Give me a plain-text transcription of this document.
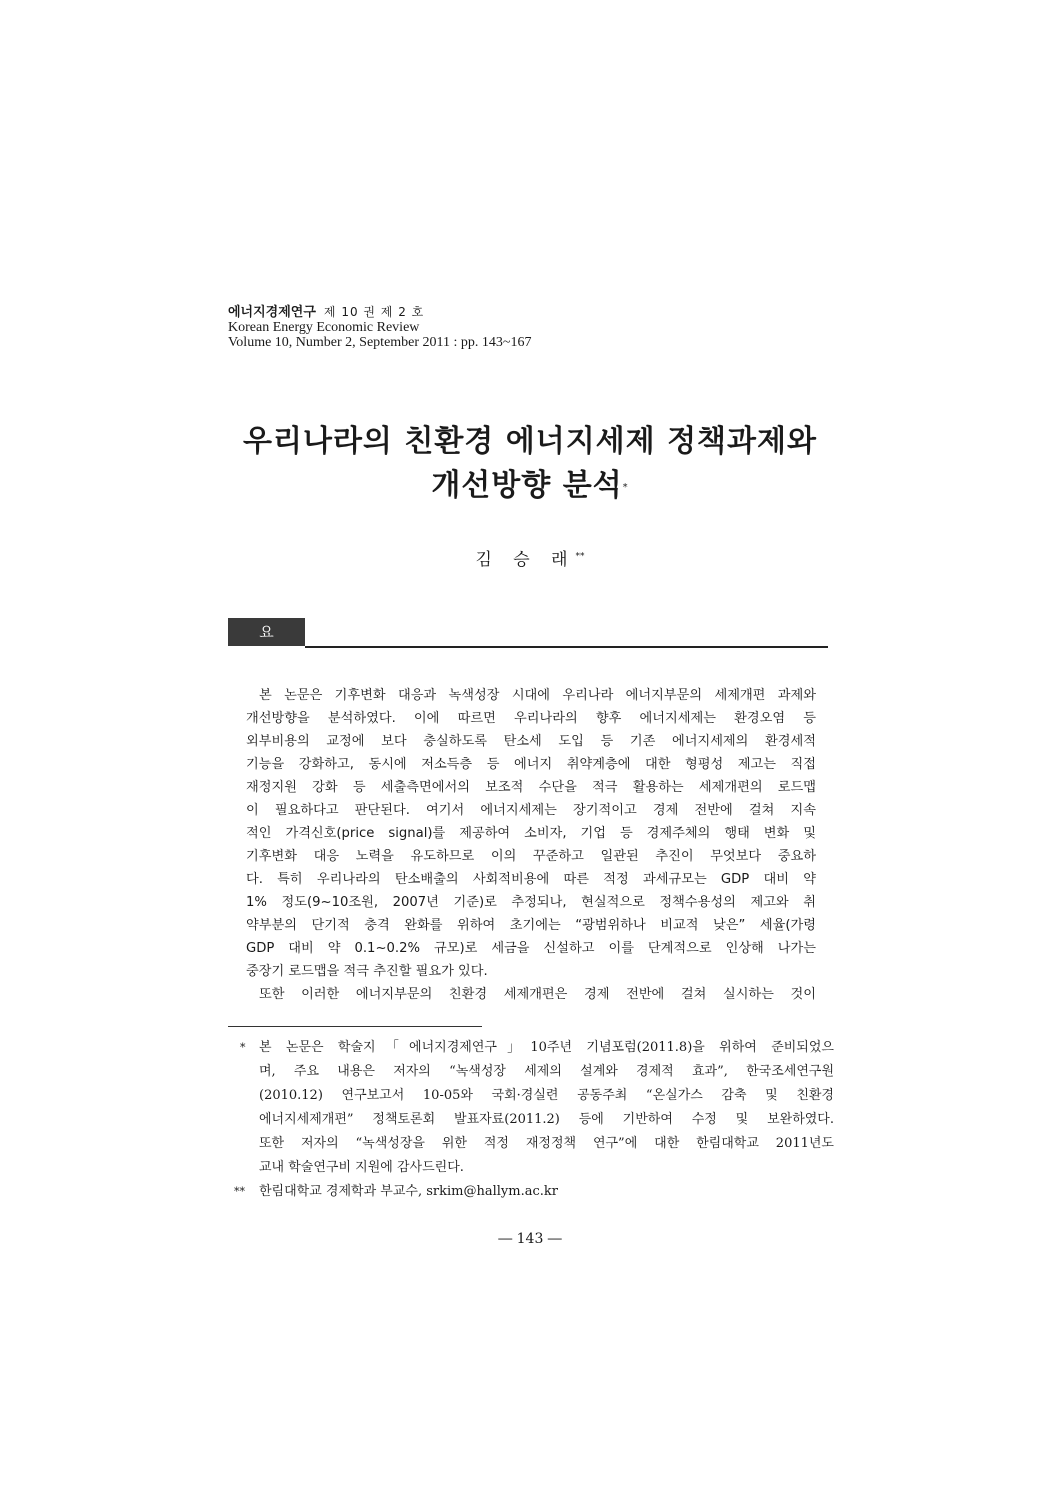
에너지경제연구 제 10 권 제 2 호
Korean Energy Economic Review
Volume 10, Number 2, September 2011 : pp. 143~167
우리나라의 친환경 에너지세제 정책과제와
개선방향 분석*
김 승 래**
요 약
본 논문은 기후변화 대응과 녹색성장 시대에 우리나라 에너지부문의 세제개편 과제와
개선방향을 분석하였다. 이에 따르면 우리나라의 향후 에너지세제는 환경오염 등
외부비용의 교정에 보다 충실하도록 탄소세 도입 등 기존 에너지세제의 환경세적
기능을 강화하고, 동시에 저소득층 등 에너지 취약계층에 대한 형평성 제고는 직접
재정지원 강화 등 세출측면에서의 보조적 수단을 적극 활용하는 세제개편의 로드맵
이 필요하다고 판단된다. 여기서 에너지세제는 장기적이고 경제 전반에 걸쳐 지속
적인 가격신호(price signal)를 제공하여 소비자, 기업 등 경제주체의 행태 변화 및
기후변화 대응 노력을 유도하므로 이의 꾸준하고 일관된 추진이 무엇보다 중요하
다. 특히 우리나라의 탄소배출의 사회적비용에 따른 적정 과세규모는 GDP 대비 약
1% 정도(9~10조원, 2007년 기준)로 추정되나, 현실적으로 정책수용성의 제고와 취
약부분의 단기적 충격 완화를 위하여 초기에는 “광범위하나 비교적 낮은” 세율(가령
GDP 대비 약 0.1~0.2% 규모)로 세금을 신설하고 이를 단계적으로 인상해 나가는
중장기 로드맵을 적극 추진할 필요가 있다.
또한 이러한 에너지부문의 친환경 세제개편은 경제 전반에 걸쳐 실시하는 것이
* 본 논문은 학술지「에너지경제연구」10주년 기념포럼(2011.8)을 위하여 준비되었으
며, 주요 내용은 저자의 “녹색성장 세제의 설계와 경제적 효과”, 한국조세연구원
(2010.12) 연구보고서 10-05와 국회·경실련 공동주최 “온실가스 감축 및 친환경
에너지세제개편” 정책토론회 발표자료(2011.2) 등에 기반하여 수정 및 보완하였다.
또한 저자의 “녹색성장을 위한 적정 재정정책 연구”에 대한 한림대학교 2011년도
교내 학술연구비 지원에 감사드린다.
** 한림대학교 경제학과 부교수, srkim@hallym.ac.kr
― 143 ―
